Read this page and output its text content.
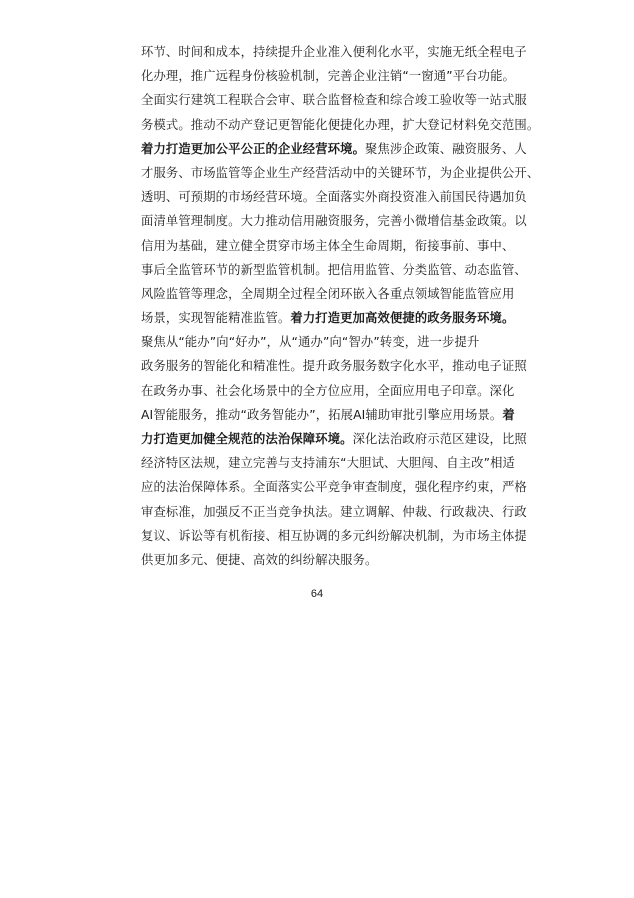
环节、时间和成本，持续提升企业准入便利化水平，实施无纸全程电子
化办理，推广远程身份核验机制，完善企业注销“一窗通”平台功能。
全面实行建筑工程联合会审、联合监督检查和综合竣工验收等一站式服
务模式。推动不动产登记更智能化便捷化办理，扩大登记材料免交范围。
着力打造更加公平公正的企业经营环境。聚焦涉企政策、融资服务、人
才服务、市场监管等企业生产经营活动中的关键环节，为企业提供公开、
透明、可预期的市场经营环境。全面落实外商投资准入前国民待遇加负
面清单管理制度。大力推动信用融资服务，完善小微增信基金政策。以
信用为基础，建立健全贯穿市场主体全生命周期，衔接事前、事中、
事后全监管环节的新型监管机制。把信用监管、分类监管、动态监管、
风险监管等理念，全周期全过程全闭环嵌入各重点领域智能监管应用
场景，实现智能精准监管。着力打造更加高效便捷的政务服务环境。
聚焦从“能办”向“好办”，从“通办”向“智办”转变，进一步提升
政务服务的智能化和精准性。提升政务服务数字化水平，推动电子证照
在政务办事、社会化场景中的全方位应用，全面应用电子印章。深化
AI智能服务，推动“政务智能办”，拓展AI辅助审批引擎应用场景。着
力打造更加健全规范的法治保障环境。深化法治政府示范区建设，比照
经济特区法规，建立完善与支持浦东“大胆试、大胆闯、自主改”相适
应的法治保障体系。全面落实公平竞争审查制度，强化程序约束，严格
审查标准，加强反不正当竞争执法。建立调解、仲裁、行政裁决、行政
复议、诉讼等有机衔接、相互协调的多元纠纷解决机制，为市场主体提
供更加多元、便捷、高效的纠纷解决服务。
64
